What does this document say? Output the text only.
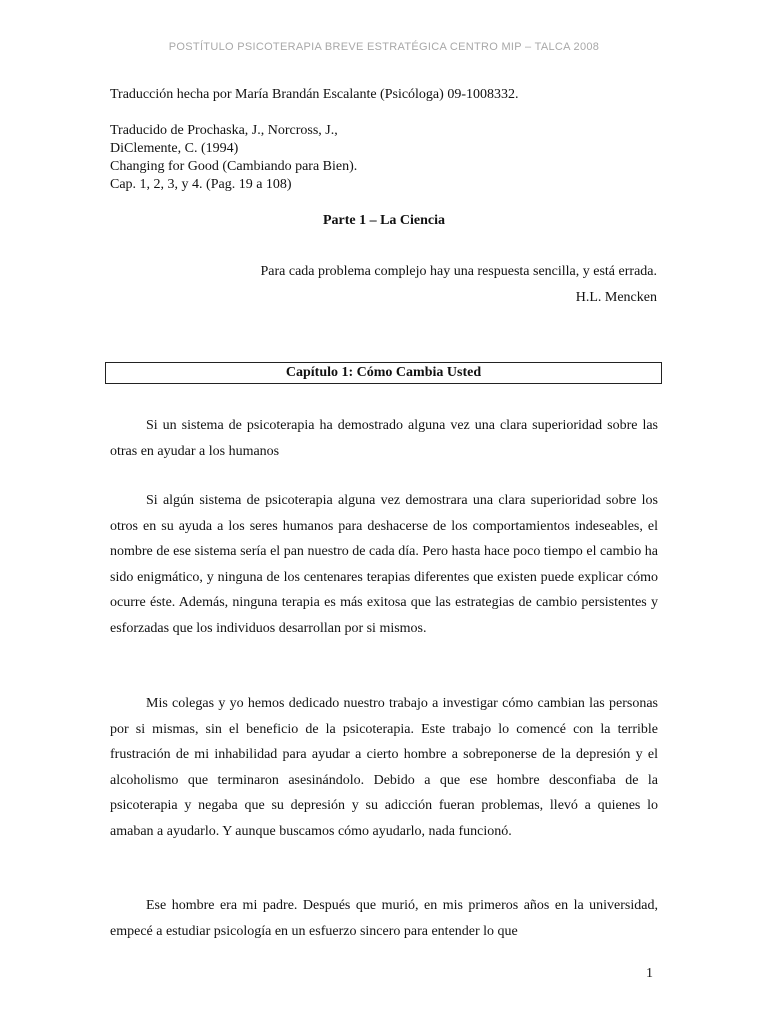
POSTÍTULO PSICOTERAPIA BREVE ESTRATÉGICA CENTRO MIP – TALCA 2008
Traducción hecha por María Brandán Escalante (Psicóloga) 09-1008332.
Traducido de Prochaska, J., Norcross, J.,
DiClemente, C. (1994)
Changing for Good (Cambiando para Bien).
Cap. 1, 2, 3, y 4. (Pag. 19 a 108)
Parte 1 – La Ciencia
Para cada problema complejo hay una respuesta sencilla, y está errada.
H.L. Mencken
Capítulo 1: Cómo Cambia Usted

Si un sistema de psicoterapia ha demostrado alguna vez una clara superioridad sobre las otras en ayudar a los humanos

Si algún sistema de psicoterapia alguna vez demostrara una clara superioridad sobre los otros en su ayuda a los seres humanos para deshacerse de los comportamientos indeseables, el nombre de ese sistema sería el pan nuestro de cada día. Pero hasta hace poco tiempo el cambio ha sido enigmático, y ninguna de los centenares terapias diferentes que existen puede explicar cómo ocurre éste. Además, ninguna terapia es más exitosa que las estrategias de cambio persistentes y esforzadas que los individuos desarrollan por si mismos.

Mis colegas y yo hemos dedicado nuestro trabajo a investigar cómo cambian las personas por si mismas, sin el beneficio de la psicoterapia. Este trabajo lo comencé con la terrible frustración de mi inhabilidad para ayudar a cierto hombre a sobreponerse de la depresión y el alcoholismo que terminaron asesinándolo. Debido a que ese hombre desconfiaba de la psicoterapia y negaba que su depresión y su adicción fueran problemas, llevó a quienes lo amaban a ayudarlo. Y aunque buscamos cómo ayudarlo, nada funcionó.

Ese hombre era mi padre. Después que murió, en mis primeros años en la universidad, empecé a estudiar psicología en un esfuerzo sincero para entender lo que

1
